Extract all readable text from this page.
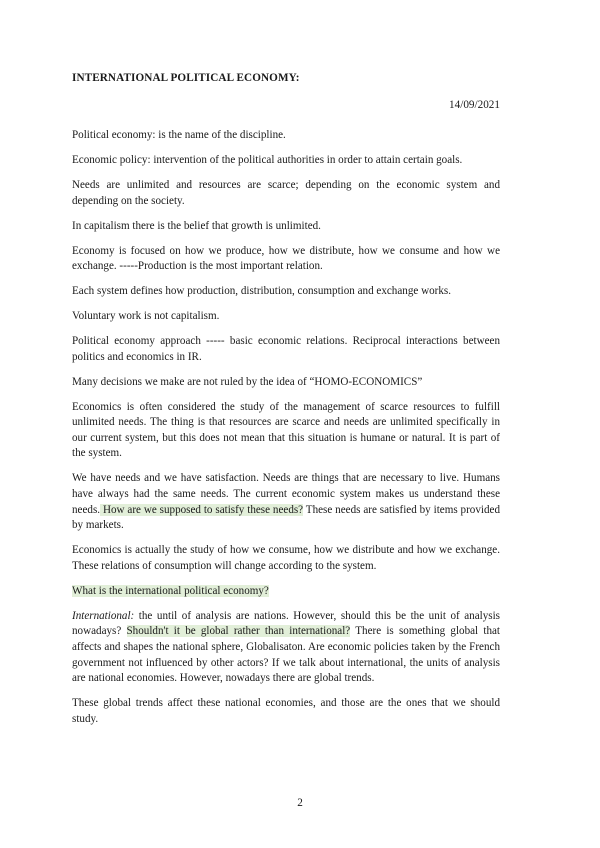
INTERNATIONAL POLITICAL ECONOMY:

14/09/2021

Political economy: is the name of the discipline.

Economic policy: intervention of the political authorities in order to attain certain goals.

Needs are unlimited and resources are scarce; depending on the economic system and depending on the society.

In capitalism there is the belief that growth is unlimited.

Economy is focused on how we produce, how we distribute, how we consume and how we exchange. -----Production is the most important relation.

Each system defines how production, distribution, consumption and exchange works.

Voluntary work is not capitalism.

Political economy approach ----- basic economic relations. Reciprocal interactions between politics and economics in IR.

Many decisions we make are not ruled by the idea of “HOMO-ECONOMICS”

Economics is often considered the study of the management of scarce resources to fulfill unlimited needs. The thing is that resources are scarce and needs are unlimited specifically in our current system, but this does not mean that this situation is humane or natural. It is part of the system.

We have needs and we have satisfaction. Needs are things that are necessary to live. Humans have always had the same needs. The current economic system makes us understand these needs. How are we supposed to satisfy these needs? These needs are satisfied by items provided by markets.

Economics is actually the study of how we consume, how we distribute and how we exchange. These relations of consumption will change according to the system.

What is the international political economy?

International: the until of analysis are nations. However, should this be the unit of analysis nowadays? Shouldn't it be global rather than international? There is something global that affects and shapes the national sphere, Globalisaton. Are economic policies taken by the French government not influenced by other actors? If we talk about international, the units of analysis are national economies. However, nowadays there are global trends.

These global trends affect these national economies, and those are the ones that we should study.

2
